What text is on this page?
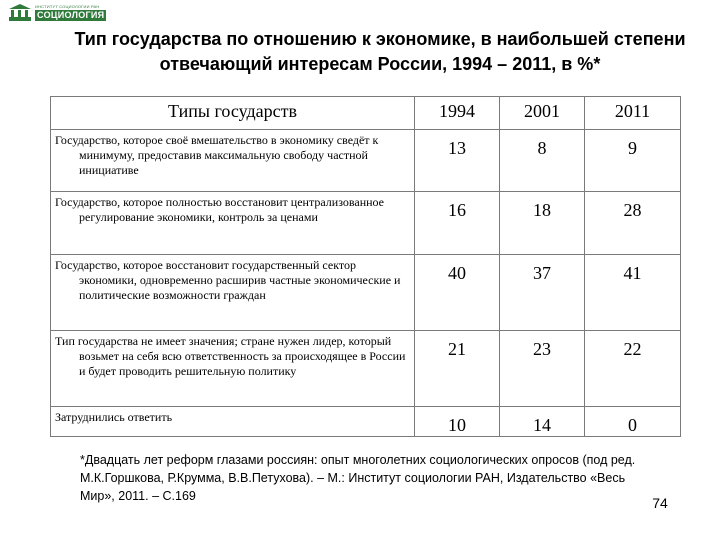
ИНСТИТУТ СОЦИОЛОГИИ РАН
СОЦИОЛОГИЯ
Тип государства по отношению к экономике, в наибольшей степени отвечающий интересам России, 1994 – 2011, в %*
Типы государств	1994	2001	2011

Государство, которое своё вмешательство в экономику сведёт к минимуму, предоставив максимальную свободу частной инициативе	13	8	9

Государство, которое полностью восстановит централизованное регулирование экономики, контроль за ценами	16	18	28

Государство, которое восстановит государственный сектор экономики, одновременно расширив частные экономические и политические возможности граждан	40	37	41

Тип государства не имеет значения; стране нужен лидер, который возьмет на себя всю ответственность за происходящее в России и будет проводить решительную политику	21	23	22

Затруднились ответить	10	14	0
*Двадцать лет реформ глазами россиян: опыт многолетних социологических опросов (под ред. М.К.Горшкова, Р.Крумма, В.В.Петухова). – М.: Институт социологии РАН, Издательство «Весь Мир», 2011. – С.169	74
